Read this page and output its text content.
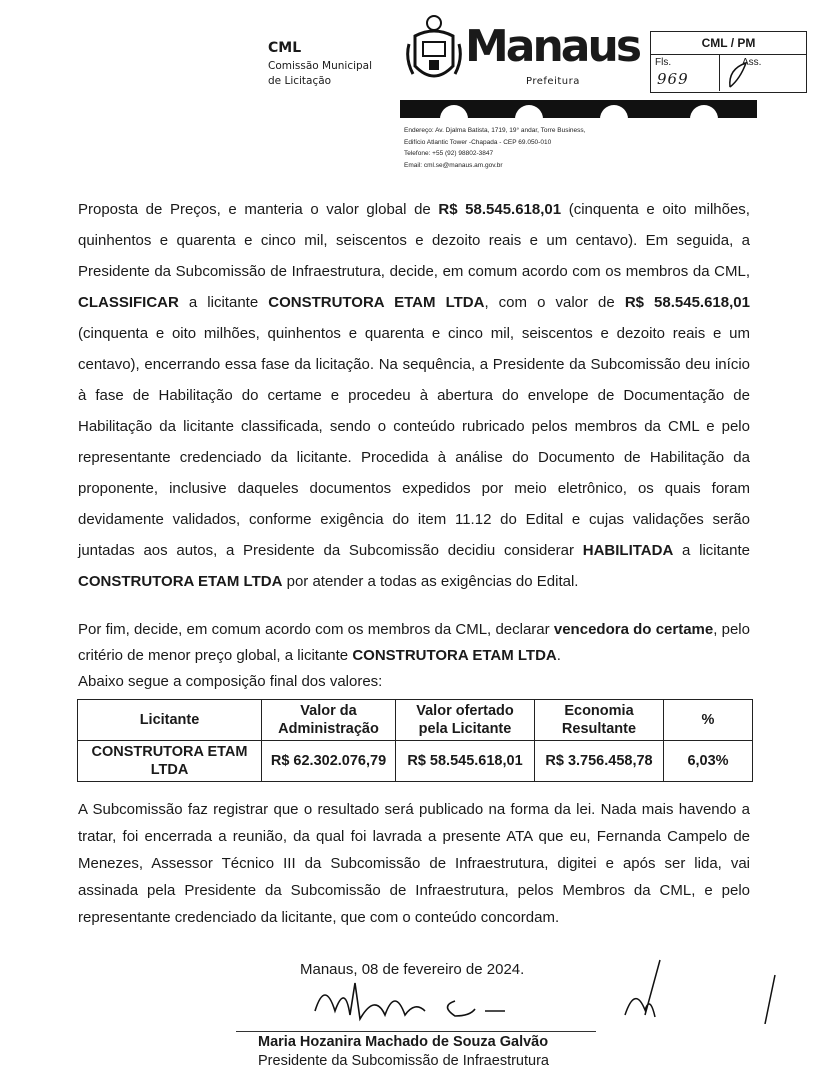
CML
Comissão Municipal
de Licitação
Manaus
Prefeitura
CML / PM
Fls.
969
Ass.
Endereço: Av. Djalma Batista, 1719, 19° andar, Torre Business,
Edifício Atlantic Tower -Chapada - CEP 69.050-010
Telefone: +55 (92) 98802-3847
Email: cml.se@manaus.am.gov.br

Proposta de Preços, e manteria o valor global de R$ 58.545.618,01 (cinquenta e oito milhões, quinhentos e quarenta e cinco mil, seiscentos e dezoito reais e um centavo). Em seguida, a Presidente da Subcomissão de Infraestrutura, decide, em comum acordo com os membros da CML, CLASSIFICAR a licitante CONSTRUTORA ETAM LTDA, com o valor de R$ 58.545.618,01 (cinquenta e oito milhões, quinhentos e quarenta e cinco mil, seiscentos e dezoito reais e um centavo), encerrando essa fase da licitação. Na sequência, a Presidente da Subcomissão deu início à fase de Habilitação do certame e procedeu à abertura do envelope de Documentação de Habilitação da licitante classificada, sendo o conteúdo rubricado pelos membros da CML e pelo representante credenciado da licitante. Procedida à análise do Documento de Habilitação da proponente, inclusive daqueles documentos expedidos por meio eletrônico, os quais foram devidamente validados, conforme exigência do item 11.12 do Edital e cujas validações serão juntadas aos autos, a Presidente da Subcomissão decidiu considerar HABILITADA a licitante CONSTRUTORA ETAM LTDA por atender a todas as exigências do Edital.

Por fim, decide, em comum acordo com os membros da CML, declarar vencedora do certame, pelo critério de menor preço global, a licitante CONSTRUTORA ETAM LTDA.
Abaixo segue a composição final dos valores:

Licitante	Valor da Administração	Valor ofertado pela Licitante	Economia Resultante	%
CONSTRUTORA ETAM LTDA	R$ 62.302.076,79	R$ 58.545.618,01	R$ 3.756.458,78	6,03%

A Subcomissão faz registrar que o resultado será publicado na forma da lei. Nada mais havendo a tratar, foi encerrada a reunião, da qual foi lavrada a presente ATA que eu, Fernanda Campelo de Menezes, Assessor Técnico III da Subcomissão de Infraestrutura, digitei e após ser lida, vai assinada pela Presidente da Subcomissão de Infraestrutura, pelos Membros da CML, e pelo representante credenciado da licitante, que com o conteúdo concordam.

Manaus, 08 de fevereiro de 2024.
Maria Hozanira Machado de Souza Galvão
Presidente da Subcomissão de Infraestrutura
